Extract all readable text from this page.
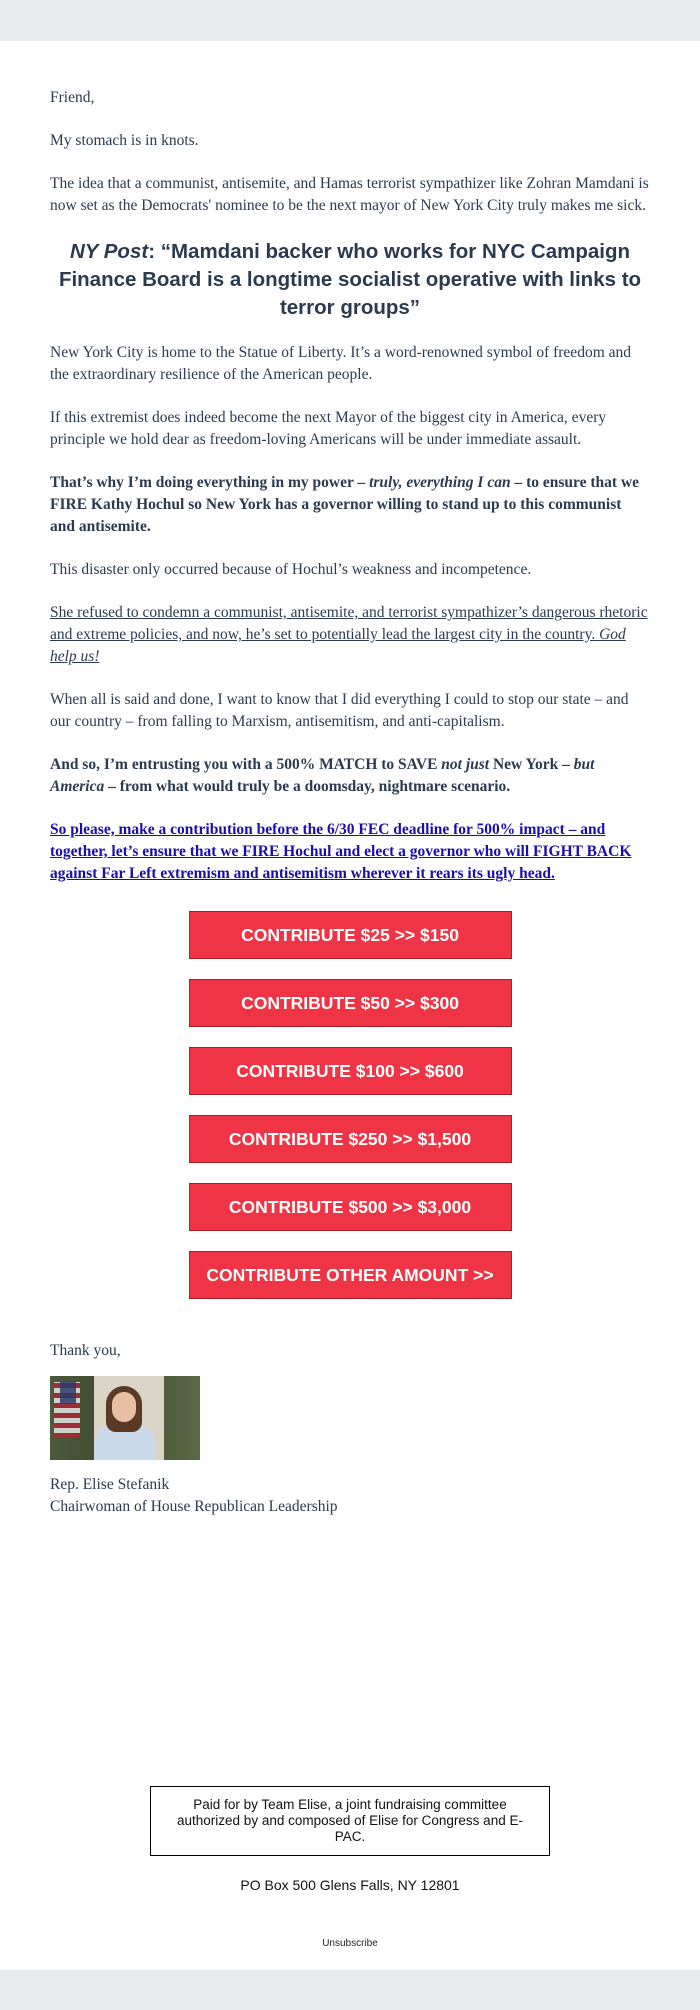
Friend,

My stomach is in knots.

The idea that a communist, antisemite, and Hamas terrorist sympathizer like Zohran Mamdani is now set as the Democrats' nominee to be the next mayor of New York City truly makes me sick.

NY Post: “Mamdani backer who works for NYC Campaign Finance Board is a longtime socialist operative with links to terror groups”

New York City is home to the Statue of Liberty. It’s a word-renowned symbol of freedom and the extraordinary resilience of the American people.

If this extremist does indeed become the next Mayor of the biggest city in America, every principle we hold dear as freedom-loving Americans will be under immediate assault.

That’s why I’m doing everything in my power – truly, everything I can – to ensure that we FIRE Kathy Hochul so New York has a governor willing to stand up to this communist and antisemite.

This disaster only occurred because of Hochul’s weakness and incompetence.

She refused to condemn a communist, antisemite, and terrorist sympathizer’s dangerous rhetoric and extreme policies, and now, he’s set to potentially lead the largest city in the country. God help us!

When all is said and done, I want to know that I did everything I could to stop our state – and our country – from falling to Marxism, antisemitism, and anti-capitalism.

And so, I’m entrusting you with a 500% MATCH to SAVE not just New York – but America – from what would truly be a doomsday, nightmare scenario.

So please, make a contribution before the 6/30 FEC deadline for 500% impact – and together, let’s ensure that we FIRE Hochul and elect a governor who will FIGHT BACK against Far Left extremism and antisemitism wherever it rears its ugly head.

CONTRIBUTE $25 >> $150
CONTRIBUTE $50 >> $300
CONTRIBUTE $100 >> $600
CONTRIBUTE $250 >> $1,500
CONTRIBUTE $500 >> $3,000
CONTRIBUTE OTHER AMOUNT >>

Thank you,

Rep. Elise Stefanik

Chairwoman of House Republican Leadership

Paid for by Team Elise, a joint fundraising committee authorized by and composed of Elise for Congress and E-PAC.
PO Box 500 Glens Falls, NY 12801
Unsubscribe
